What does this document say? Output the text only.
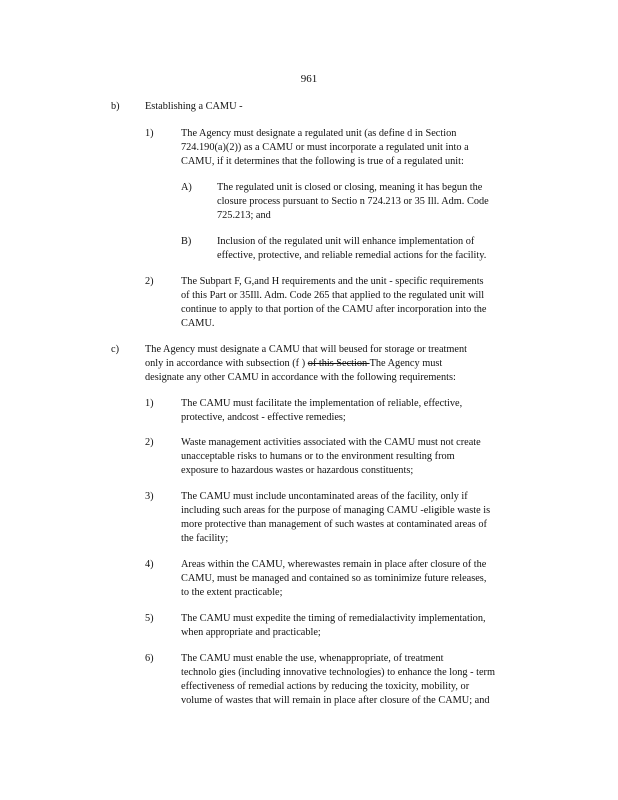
961
b) Establishing a CAMU -
1)	The Agency must designate a regulated unit (as define d in Section
724.190(a)(2)) as a CAMU or must incorporate a regulated unit into a
CAMU, if it determines that the following is true of a regulated unit:
A) The regulated unit is closed or closing, meaning it has begun the
closure process pursuant to Sectio n 724.213 or 35 Ill. Adm. Code
725.213; and
B) Inclusion of the regulated unit will enhance implementation of
effective, protective, and reliable remedial actions for the facility.
2)	The Subpart F, G,and H requirements and the unit - specific requirements
of this Part or 35Ill. Adm. Code 265 that applied to the regulated unit will
continue to apply to that portion of the CAMU after incorporation into the
CAMU.
c)	The Agency must designate a CAMU that will beused for storage or treatment
only in accordance with subsection (f ) of this Section The Agency must
designate any other CAMU in accordance with the following requirements:
1)	The CAMU must facilitate the implementation of reliable, effective,
protective, andcost - effective remedies;
2)	Waste management activities associated with the CAMU must not create
unacceptable risks to humans or to the environment resulting from
exposure to hazardous wastes or hazardous constituents;
3)	The CAMU must include uncontaminated areas of the facility, only if
including such areas for the purpose of managing CAMU -eligible waste is
more protective than management of such wastes at contaminated areas of
the facility;
4)	Areas within the CAMU, wherewastes remain in place after closure of the
CAMU, must be managed and contained so as tominimize future releases,
to the extent practicable;
5)	The CAMU must expedite the timing of remedialactivity implementation,
when appropriate and practicable;
6)	The CAMU must enable the use, whenappropriate, of treatment
technolo gies (including innovative technologies) to enhance the long - term
effectiveness of remedial actions by reducing the toxicity, mobility, or
volume of wastes that will remain in place after closure of the CAMU; and
